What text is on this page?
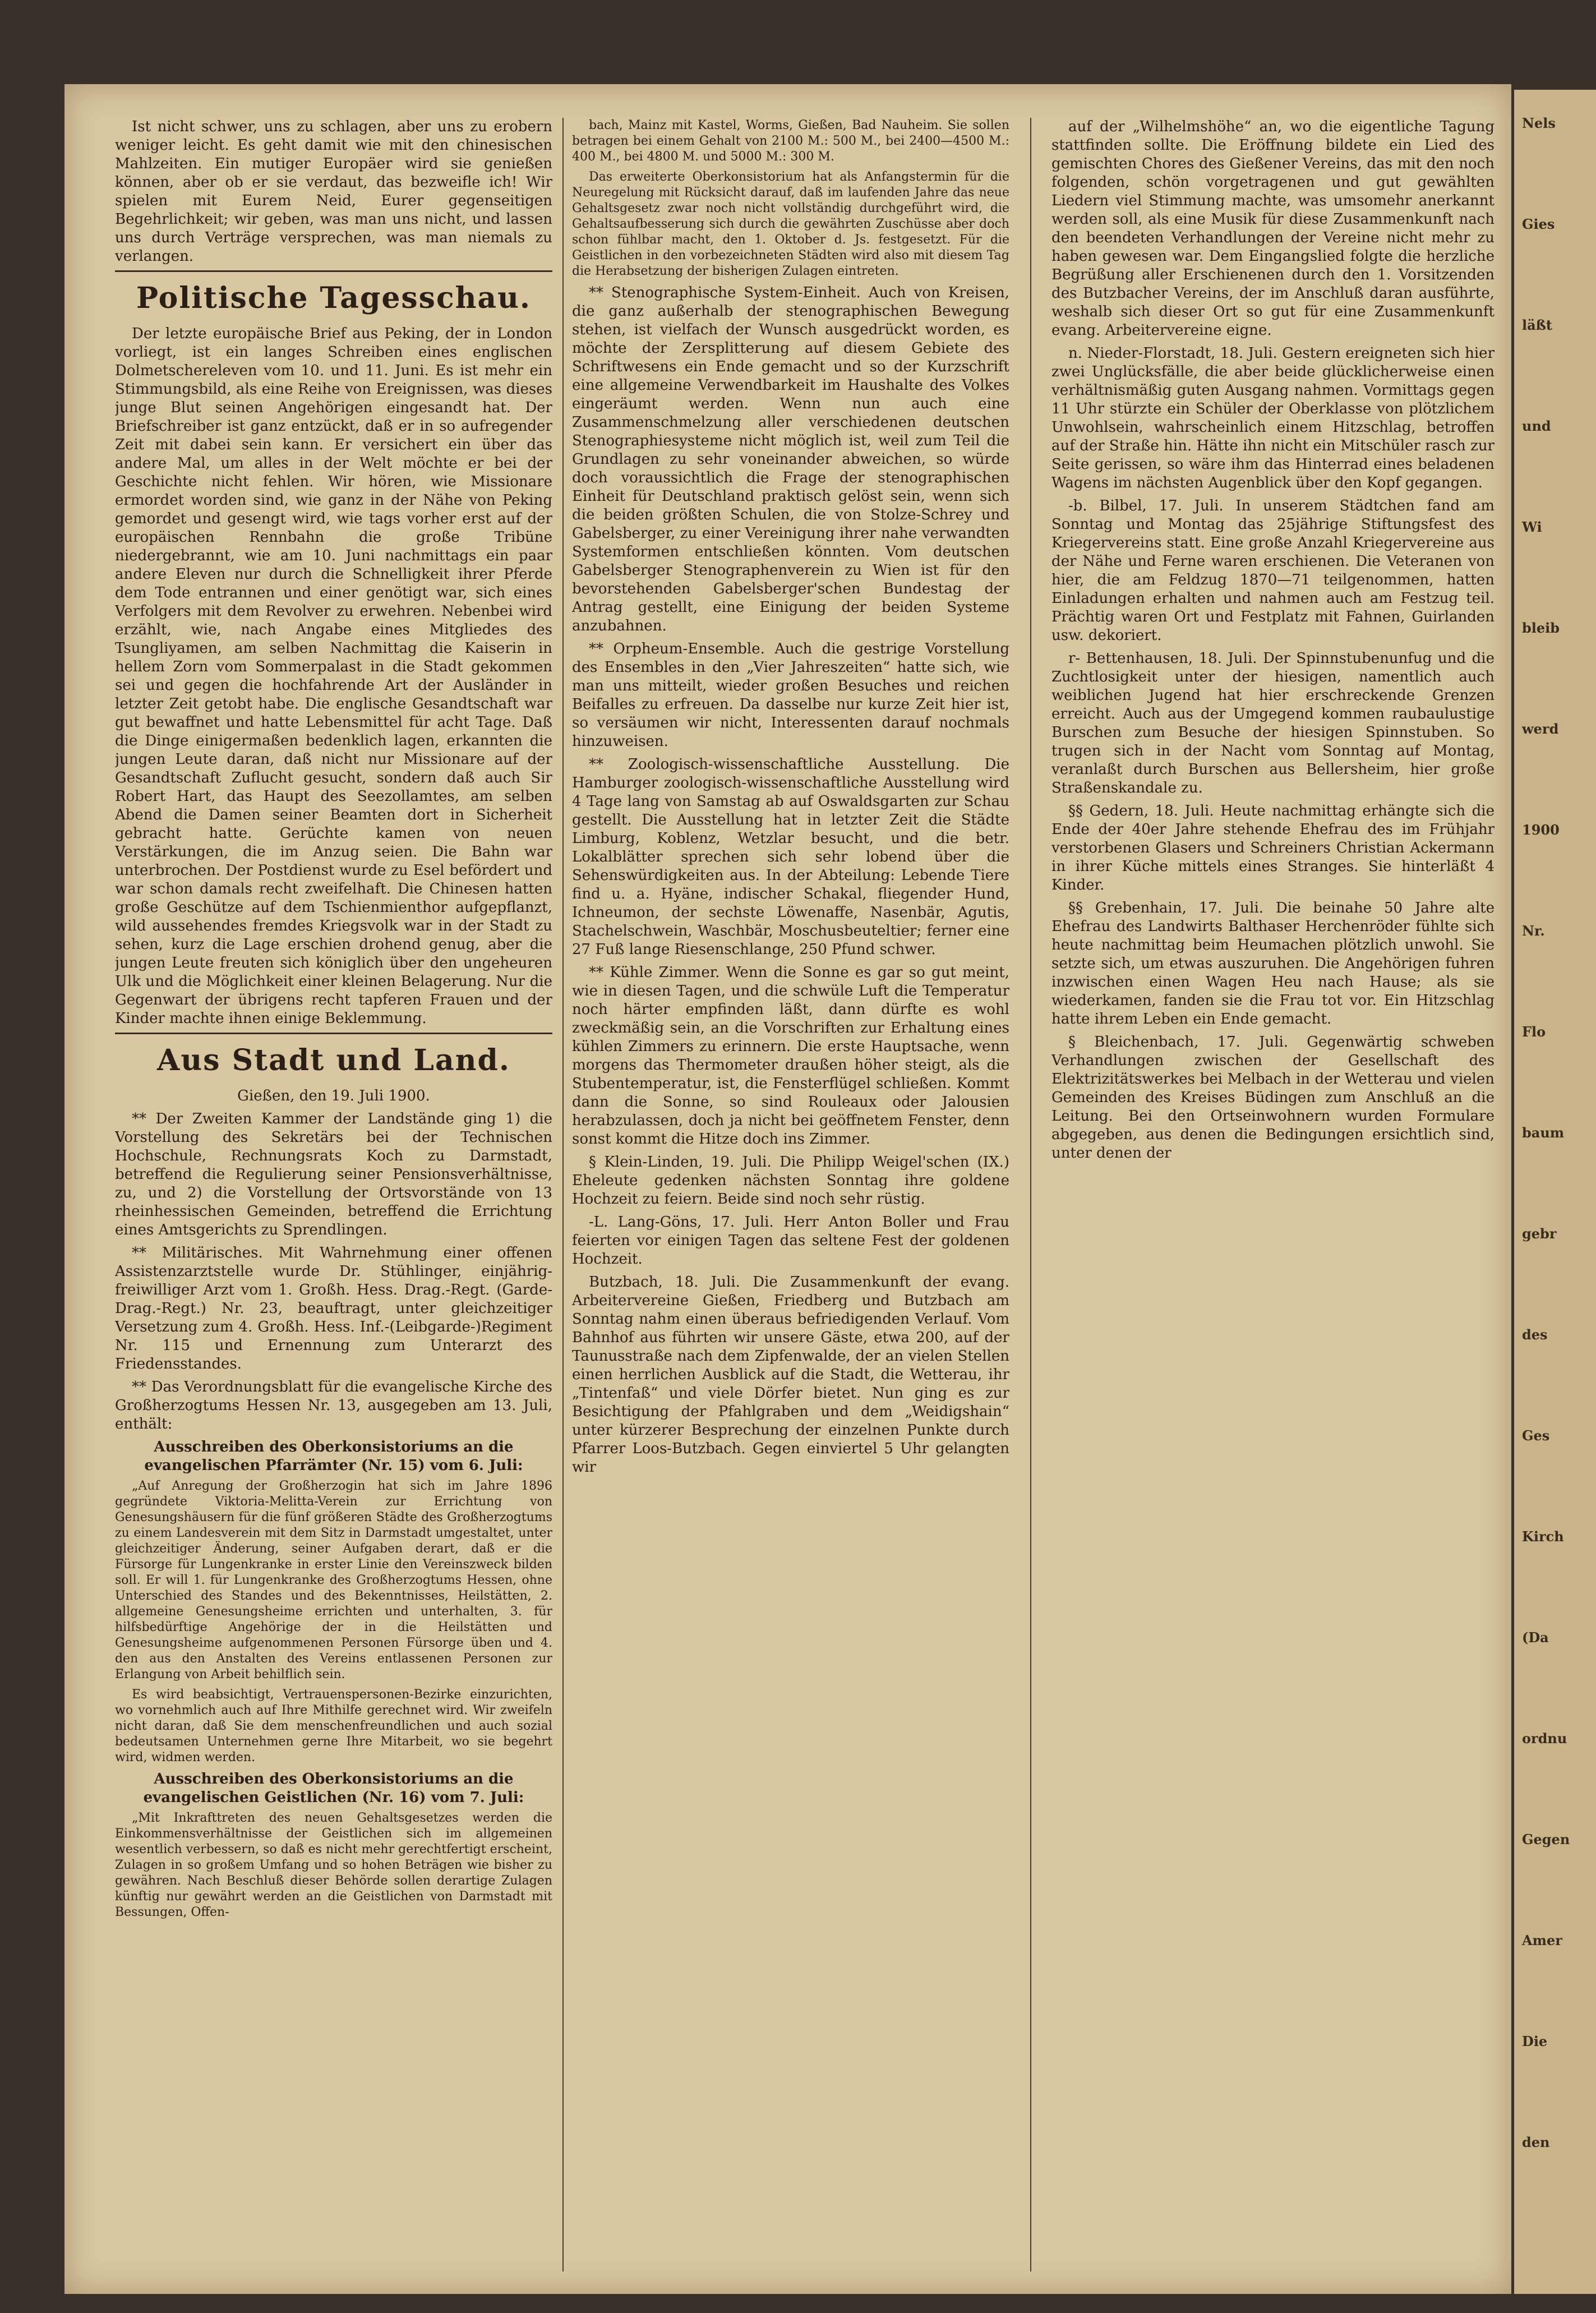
Ist nicht schwer, uns zu schlagen, aber uns zu erobern weniger leicht. Es geht damit wie mit den chinesischen Mahlzeiten. Ein mutiger Europäer wird sie genießen können, aber ob er sie verdaut, das bezweifle ich! Wir spielen mit Eurem Neid, Eurer gegenseitigen Begehrlichkeit; wir geben, was man uns nicht, und lassen uns durch Verträge versprechen, was man niemals zu verlangen.

Politische Tagesschau.

Der letzte europäische Brief aus Peking, der in London vorliegt, ist ein langes Schreiben eines englischen Dolmetschereleven vom 10. und 11. Juni. Es ist mehr ein Stimmungsbild, als eine Reihe von Ereignissen, was dieses junge Blut seinen Angehörigen eingesandt hat. Der Briefschreiber ist ganz entzückt, daß er in so aufregender Zeit mit dabei sein kann. Er versichert ein über das andere Mal, um alles in der Welt möchte er bei der Geschichte nicht fehlen. Wir hören, wie Missionare ermordet worden sind, wie ganz in der Nähe von Peking gemordet und gesengt wird, wie tags vorher erst auf der europäischen Rennbahn die große Tribüne niedergebrannt, wie am 10. Juni nachmittags ein paar andere Eleven nur durch die Schnelligkeit ihrer Pferde dem Tode entrannen und einer genötigt war, sich eines Verfolgers mit dem Revolver zu erwehren. Nebenbei wird erzählt, wie, nach Angabe eines Mitgliedes des Tsungliyamen, am selben Nachmittag die Kaiserin in hellem Zorn vom Sommerpalast in die Stadt gekommen sei und gegen die hochfahrende Art der Ausländer in letzter Zeit getobt habe. Die englische Gesandtschaft war gut bewaffnet und hatte Lebensmittel für acht Tage. Daß die Dinge einigermaßen bedenklich lagen, erkannten die jungen Leute daran, daß nicht nur Missionare auf der Gesandtschaft Zuflucht gesucht, sondern daß auch Sir Robert Hart, das Haupt des Seezollamtes, am selben Abend die Damen seiner Beamten dort in Sicherheit gebracht hatte. Gerüchte kamen von neuen Verstärkungen, die im Anzug seien. Die Bahn war unterbrochen. Der Postdienst wurde zu Esel befördert und war schon damals recht zweifelhaft. Die Chinesen hatten große Geschütze auf dem Tschienmienthor aufgepflanzt, wild aussehendes fremdes Kriegsvolk war in der Stadt zu sehen, kurz die Lage erschien drohend genug, aber die jungen Leute freuten sich königlich über den ungeheuren Ulk und die Möglichkeit einer kleinen Belagerung. Nur die Gegenwart der übrigens recht tapferen Frauen und der Kinder machte ihnen einige Beklemmung.

Aus Stadt und Land.
Gießen, den 19. Juli 1900.

** Der Zweiten Kammer der Landstände ging 1) die Vorstellung des Sekretärs bei der Technischen Hochschule, Rechnungsrats Koch zu Darmstadt, betreffend die Regulierung seiner Pensionsverhältnisse, zu, und 2) die Vorstellung der Ortsvorstände von 13 rheinhessischen Gemeinden, betreffend die Errichtung eines Amtsgerichts zu Sprendlingen.

** Militärisches. Mit Wahrnehmung einer offenen Assistenzarztstelle wurde Dr. Stühlinger, einjährig-freiwilliger Arzt vom 1. Großh. Hess. Drag.-Regt. (Garde-Drag.-Regt.) Nr. 23, beauftragt, unter gleichzeitiger Versetzung zum 4. Großh. Hess. Inf.-(Leibgarde-)Regiment Nr. 115 und Ernennung zum Unterarzt des Friedensstandes.

** Das Verordnungsblatt für die evangelische Kirche des Großherzogtums Hessen Nr. 13, ausgegeben am 13. Juli, enthält:

Ausschreiben des Oberkonsistoriums an die evangelischen Pfarrämter (Nr. 15) vom 6. Juli:

„Auf Anregung der Großherzogin hat sich im Jahre 1896 gegründete Viktoria-Melitta-Verein zur Errichtung von Genesungshäusern für die fünf größeren Städte des Großherzogtums zu einem Landesverein mit dem Sitz in Darmstadt umgestaltet, unter gleichzeitiger Änderung, seiner Aufgaben derart, daß er die Fürsorge für Lungenkranke in erster Linie den Vereinszweck bilden soll. Er will 1. für Lungenkranke des Großherzogtums Hessen, ohne Unterschied des Standes und des Bekenntnisses, Heilstätten, 2. allgemeine Genesungsheime errichten und unterhalten, 3. für hilfsbedürftige Angehörige der in die Heilstätten und Genesungsheime aufgenommenen Personen Fürsorge üben und 4. den aus den Anstalten des Vereins entlassenen Personen zur Erlangung von Arbeit behilflich sein.

Es wird beabsichtigt, Vertrauenspersonen-Bezirke einzurichten, wo vornehmlich auch auf Ihre Mithilfe gerechnet wird. Wir zweifeln nicht daran, daß Sie dem menschenfreundlichen und auch sozial bedeutsamen Unternehmen gerne Ihre Mitarbeit, wo sie begehrt wird, widmen werden.

Ausschreiben des Oberkonsistoriums an die evangelischen Geistlichen (Nr. 16) vom 7. Juli:

„Mit Inkrafttreten des neuen Gehaltsgesetzes werden die Einkommensverhältnisse der Geistlichen sich im allgemeinen wesentlich verbessern, so daß es nicht mehr gerechtfertigt erscheint, Zulagen in so großem Umfang und so hohen Beträgen wie bisher zu gewähren. Nach Beschluß dieser Behörde sollen derartige Zulagen künftig nur gewährt werden an die Geistlichen von Darmstadt mit Bessungen, Offen-

bach, Mainz mit Kastel, Worms, Gießen, Bad Nauheim. Sie sollen betragen bei einem Gehalt von 2100 M.: 500 M., bei 2400—4500 M.: 400 M., bei 4800 M. und 5000 M.: 300 M.

Das erweiterte Oberkonsistorium hat als Anfangstermin für die Neuregelung mit Rücksicht darauf, daß im laufenden Jahre das neue Gehaltsgesetz zwar noch nicht vollständig durchgeführt wird, die Gehaltsaufbesserung sich durch die gewährten Zuschüsse aber doch schon fühlbar macht, den 1. Oktober d. Js. festgesetzt. Für die Geistlichen in den vorbezeichneten Städten wird also mit diesem Tag die Herabsetzung der bisherigen Zulagen eintreten.

** Stenographische System-Einheit. Auch von Kreisen, die ganz außerhalb der stenographischen Bewegung stehen, ist vielfach der Wunsch ausgedrückt worden, es möchte der Zersplitterung auf diesem Gebiete des Schriftwesens ein Ende gemacht und so der Kurzschrift eine allgemeine Verwendbarkeit im Haushalte des Volkes eingeräumt werden. Wenn nun auch eine Zusammenschmelzung aller verschiedenen deutschen Stenographiesysteme nicht möglich ist, weil zum Teil die Grundlagen zu sehr voneinander abweichen, so würde doch voraussichtlich die Frage der stenographischen Einheit für Deutschland praktisch gelöst sein, wenn sich die beiden größten Schulen, die von Stolze-Schrey und Gabelsberger, zu einer Vereinigung ihrer nahe verwandten Systemformen entschließen könnten. Vom deutschen Gabelsberger Stenographenverein zu Wien ist für den bevorstehenden Gabelsberger'schen Bundestag der Antrag gestellt, eine Einigung der beiden Systeme anzubahnen.

** Orpheum-Ensemble. Auch die gestrige Vorstellung des Ensembles in den „Vier Jahreszeiten“ hatte sich, wie man uns mitteilt, wieder großen Besuches und reichen Beifalles zu erfreuen. Da dasselbe nur kurze Zeit hier ist, so versäumen wir nicht, Interessenten darauf nochmals hinzuweisen.

** Zoologisch-wissenschaftliche Ausstellung. Die Hamburger zoologisch-wissenschaftliche Ausstellung wird 4 Tage lang von Samstag ab auf Oswaldsgarten zur Schau gestellt. Die Ausstellung hat in letzter Zeit die Städte Limburg, Koblenz, Wetzlar besucht, und die betr. Lokalblätter sprechen sich sehr lobend über die Sehenswürdigkeiten aus. In der Abteilung: Lebende Tiere find u. a. Hyäne, indischer Schakal, fliegender Hund, Ichneumon, der sechste Löwenaffe, Nasenbär, Agutis, Stachelschwein, Waschbär, Moschusbeuteltier; ferner eine 27 Fuß lange Riesenschlange, 250 Pfund schwer.

** Kühle Zimmer. Wenn die Sonne es gar so gut meint, wie in diesen Tagen, und die schwüle Luft die Temperatur noch härter empfinden läßt, dann dürfte es wohl zweckmäßig sein, an die Vorschriften zur Erhaltung eines kühlen Zimmers zu erinnern. Die erste Hauptsache, wenn morgens das Thermometer draußen höher steigt, als die Stubentemperatur, ist, die Fensterflügel schließen. Kommt dann die Sonne, so sind Rouleaux oder Jalousien herabzulassen, doch ja nicht bei geöffnetem Fenster, denn sonst kommt die Hitze doch ins Zimmer.

§ Klein-Linden, 19. Juli. Die Philipp Weigel'schen (IX.) Eheleute gedenken nächsten Sonntag ihre goldene Hochzeit zu feiern. Beide sind noch sehr rüstig.

-L. Lang-Göns, 17. Juli. Herr Anton Boller und Frau feierten vor einigen Tagen das seltene Fest der goldenen Hochzeit.

Butzbach, 18. Juli. Die Zusammenkunft der evang. Arbeitervereine Gießen, Friedberg und Butzbach am Sonntag nahm einen überaus befriedigenden Verlauf. Vom Bahnhof aus führten wir unsere Gäste, etwa 200, auf der Taunusstraße nach dem Zipfenwalde, der an vielen Stellen einen herrlichen Ausblick auf die Stadt, die Wetterau, ihr „Tintenfaß“ und viele Dörfer bietet. Nun ging es zur Besichtigung der Pfahlgraben und dem „Weidigshain“ unter kürzerer Besprechung der einzelnen Punkte durch Pfarrer Loos-Butzbach. Gegen einviertel 5 Uhr gelangten wir

auf der „Wilhelmshöhe“ an, wo die eigentliche Tagung stattfinden sollte. Die Eröffnung bildete ein Lied des gemischten Chores des Gießener Vereins, das mit den noch folgenden, schön vorgetragenen und gut gewählten Liedern viel Stimmung machte, was umsomehr anerkannt werden soll, als eine Musik für diese Zusammenkunft nach den beendeten Verhandlungen der Vereine nicht mehr zu haben gewesen war. Dem Eingangslied folgte die herzliche Begrüßung aller Erschienenen durch den 1. Vorsitzenden des Butzbacher Vereins, der im Anschluß daran ausführte, weshalb sich dieser Ort so gut für eine Zusammenkunft evang. Arbeitervereine eigne.

n. Nieder-Florstadt, 18. Juli. Gestern ereigneten sich hier zwei Unglücksfälle, die aber beide glücklicherweise einen verhältnismäßig guten Ausgang nahmen. Vormittags gegen 11 Uhr stürzte ein Schüler der Oberklasse von plötzlichem Unwohlsein, wahrscheinlich einem Hitzschlag, betroffen auf der Straße hin. Hätte ihn nicht ein Mitschüler rasch zur Seite gerissen, so wäre ihm das Hinterrad eines beladenen Wagens im nächsten Augenblick über den Kopf gegangen.

-b. Bilbel, 17. Juli. In unserem Städtchen fand am Sonntag und Montag das 25jährige Stiftungsfest des Kriegervereins statt. Eine große Anzahl Kriegervereine aus der Nähe und Ferne waren erschienen. Die Veteranen von hier, die am Feldzug 1870—71 teilgenommen, hatten Einladungen erhalten und nahmen auch am Festzug teil. Prächtig waren Ort und Festplatz mit Fahnen, Guirlanden usw. dekoriert.

r- Bettenhausen, 18. Juli. Der Spinnstubenunfug und die Zuchtlosigkeit unter der hiesigen, namentlich auch weiblichen Jugend hat hier erschreckende Grenzen erreicht. Auch aus der Umgegend kommen raubaulustige Burschen zum Besuche der hiesigen Spinnstuben. So trugen sich in der Nacht vom Sonntag auf Montag, veranlaßt durch Burschen aus Bellersheim, hier große Straßenskandale zu.

§§ Gedern, 18. Juli. Heute nachmittag erhängte sich die Ende der 40er Jahre stehende Ehefrau des im Frühjahr verstorbenen Glasers und Schreiners Christian Ackermann in ihrer Küche mittels eines Stranges. Sie hinterläßt 4 Kinder.

§§ Grebenhain, 17. Juli. Die beinahe 50 Jahre alte Ehefrau des Landwirts Balthaser Herchenröder fühlte sich heute nachmittag beim Heumachen plötzlich unwohl. Sie setzte sich, um etwas auszuruhen. Die Angehörigen fuhren inzwischen einen Wagen Heu nach Hause; als sie wiederkamen, fanden sie die Frau tot vor. Ein Hitzschlag hatte ihrem Leben ein Ende gemacht.

§ Bleichenbach, 17. Juli. Gegenwärtig schweben Verhandlungen zwischen der Gesellschaft des Elektrizitätswerkes bei Melbach in der Wetterau und vielen Gemeinden des Kreises Büdingen zum Anschluß an die Leitung. Bei den Ortseinwohnern wurden Formulare abgegeben, aus denen die Bedingungen ersichtlich sind, unter denen der

Nels
Gies
läßt
und
Wi
bleib
werd
1900
Nr.
Flo
baum
gebr
des
Ges
Kirch
(Da
ordnu
Gegen
Amer
Die
den
